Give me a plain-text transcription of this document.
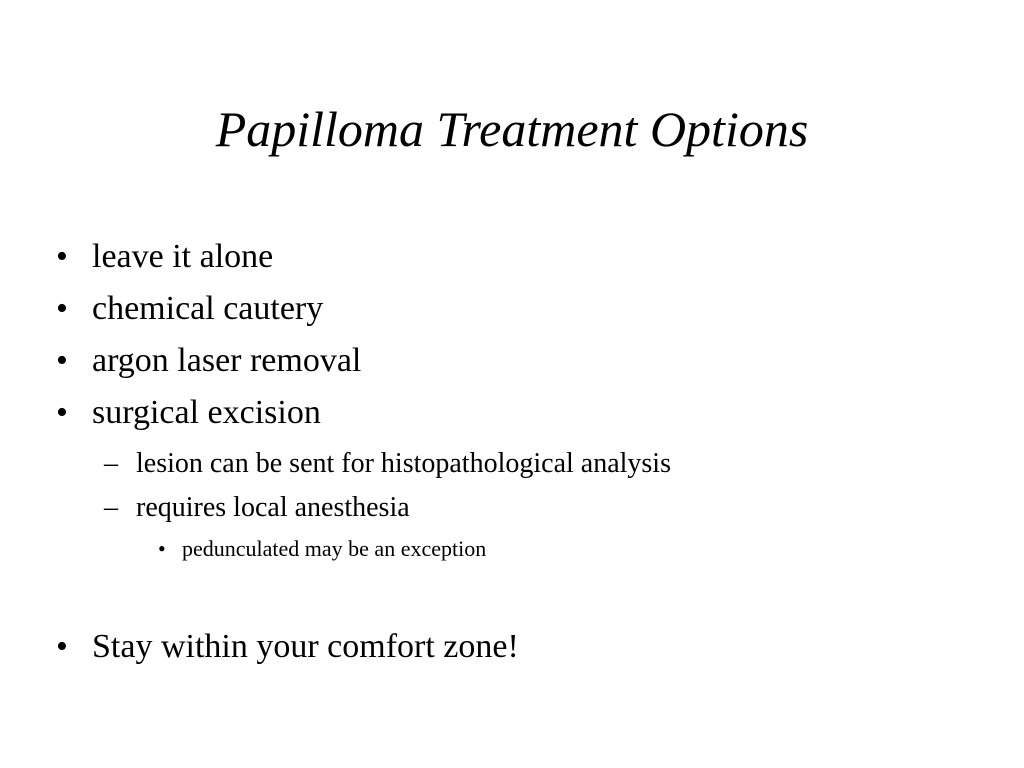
Papilloma Treatment Options
• leave it alone
• chemical cautery
• argon laser removal
• surgical excision
– lesion can be sent for histopathological analysis
– requires local anesthesia
• pedunculated may be an exception
• Stay within your comfort zone!
